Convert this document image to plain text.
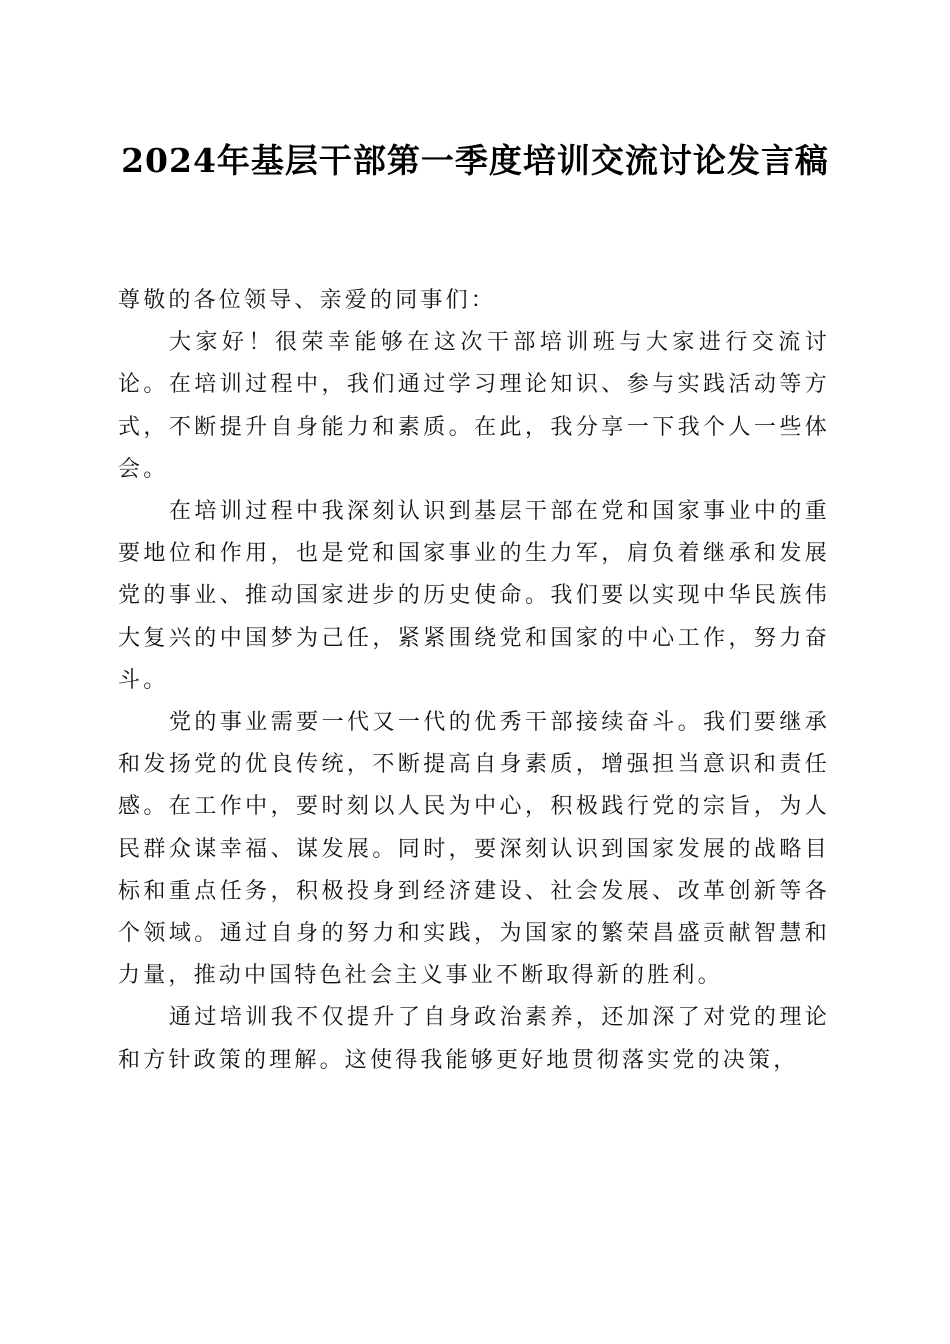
2024年基层干部第一季度培训交流讨论发言稿

尊敬的各位领导、亲爱的同事们：

大家好！很荣幸能够在这次干部培训班与大家进行交流讨论。在培训过程中，我们通过学习理论知识、参与实践活动等方式，不断提升自身能力和素质。在此，我分享一下我个人一些体会。

在培训过程中我深刻认识到基层干部在党和国家事业中的重要地位和作用，也是党和国家事业的生力军，肩负着继承和发展党的事业、推动国家进步的历史使命。我们要以实现中华民族伟大复兴的中国梦为己任，紧紧围绕党和国家的中心工作，努力奋斗。

党的事业需要一代又一代的优秀干部接续奋斗。我们要继承和发扬党的优良传统，不断提高自身素质，增强担当意识和责任感。在工作中，要时刻以人民为中心，积极践行党的宗旨，为人民群众谋幸福、谋发展。同时，要深刻认识到国家发展的战略目标和重点任务，积极投身到经济建设、社会发展、改革创新等各个领域。通过自身的努力和实践，为国家的繁荣昌盛贡献智慧和力量，推动中国特色社会主义事业不断取得新的胜利。

通过培训我不仅提升了自身政治素养，还加深了对党的理论和方针政策的理解。这使得我能够更好地贯彻落实党的决策，
